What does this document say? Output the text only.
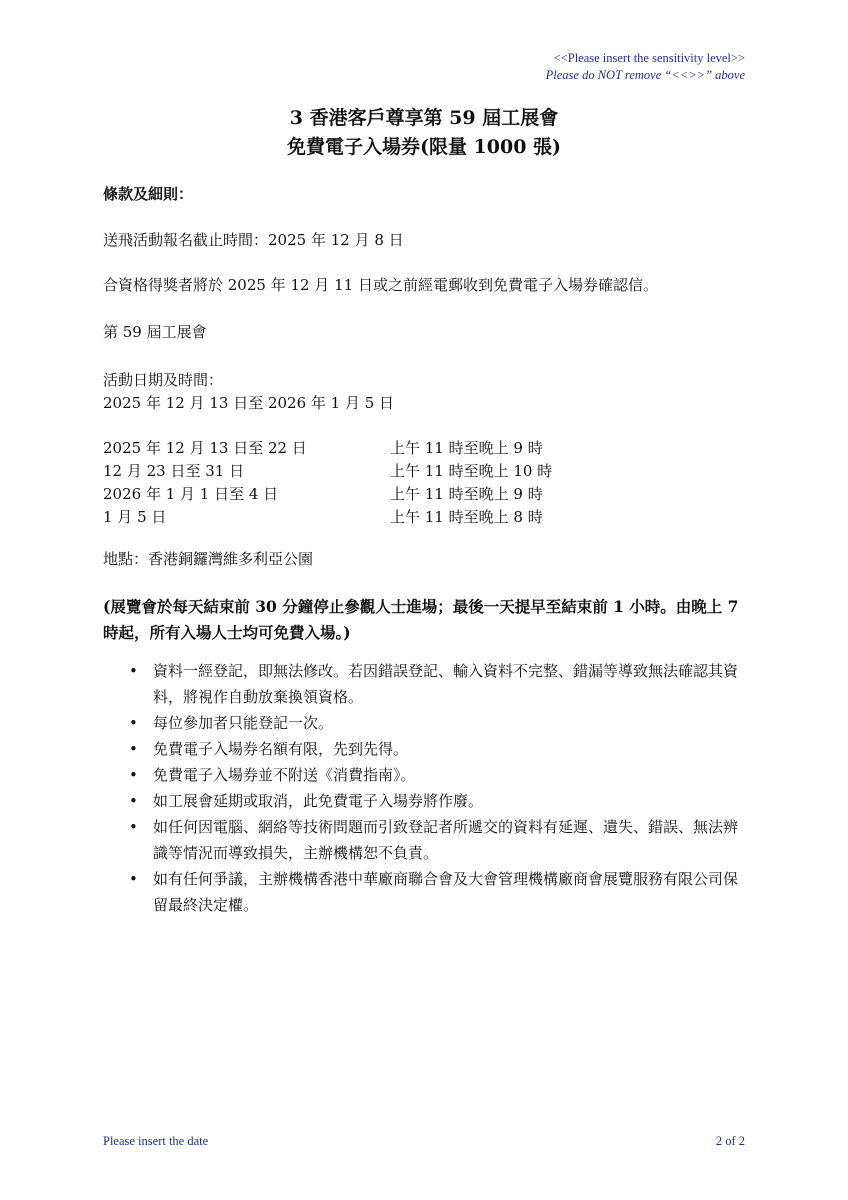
<<Please insert the sensitivity level>>
Please do NOT remove “<<>>” above
3 香港客戶尊享第 59 屆工展會
免費電子入場券(限量 1000 張)
條款及細則：
送飛活動報名截止時間：2025 年 12 月 8 日
合資格得獎者將於 2025 年 12 月 11 日或之前經電郵收到免費電子入場券確認信。
第 59 屆工展會
活動日期及時間：
2025 年 12 月 13 日至 2026 年 1 月 5 日
2025 年 12 月 13 日至 22 日	上午 11 時至晚上 9 時
12 月 23 日至 31 日	上午 11 時至晚上 10 時
2026 年 1 月 1 日至 4 日	上午 11 時至晚上 9 時
1 月 5 日	上午 11 時至晚上 8 時
地點：香港銅鑼灣維多利亞公園
(展覽會於每天結束前 30 分鐘停止參觀人士進場；最後一天提早至結束前 1 小時。由晚上 7 時起，所有入場人士均可免費入場。)
• 資料一經登記，即無法修改。若因錯誤登記、輸入資料不完整、錯漏等導致無法確認其資料，將視作自動放棄換領資格。
• 每位參加者只能登記一次。
• 免費電子入場券名額有限，先到先得。
• 免費電子入場券並不附送《消費指南》。
• 如工展會延期或取消，此免費電子入場券將作廢。
• 如任何因電腦、網絡等技術問題而引致登記者所遞交的資料有延遲、遺失、錯誤、無法辨識等情況而導致損失，主辦機構恕不負責。
• 如有任何爭議，主辦機構香港中華廠商聯合會及大會管理機構廠商會展覽服務有限公司保留最終決定權。
Please insert the date	2 of 2
